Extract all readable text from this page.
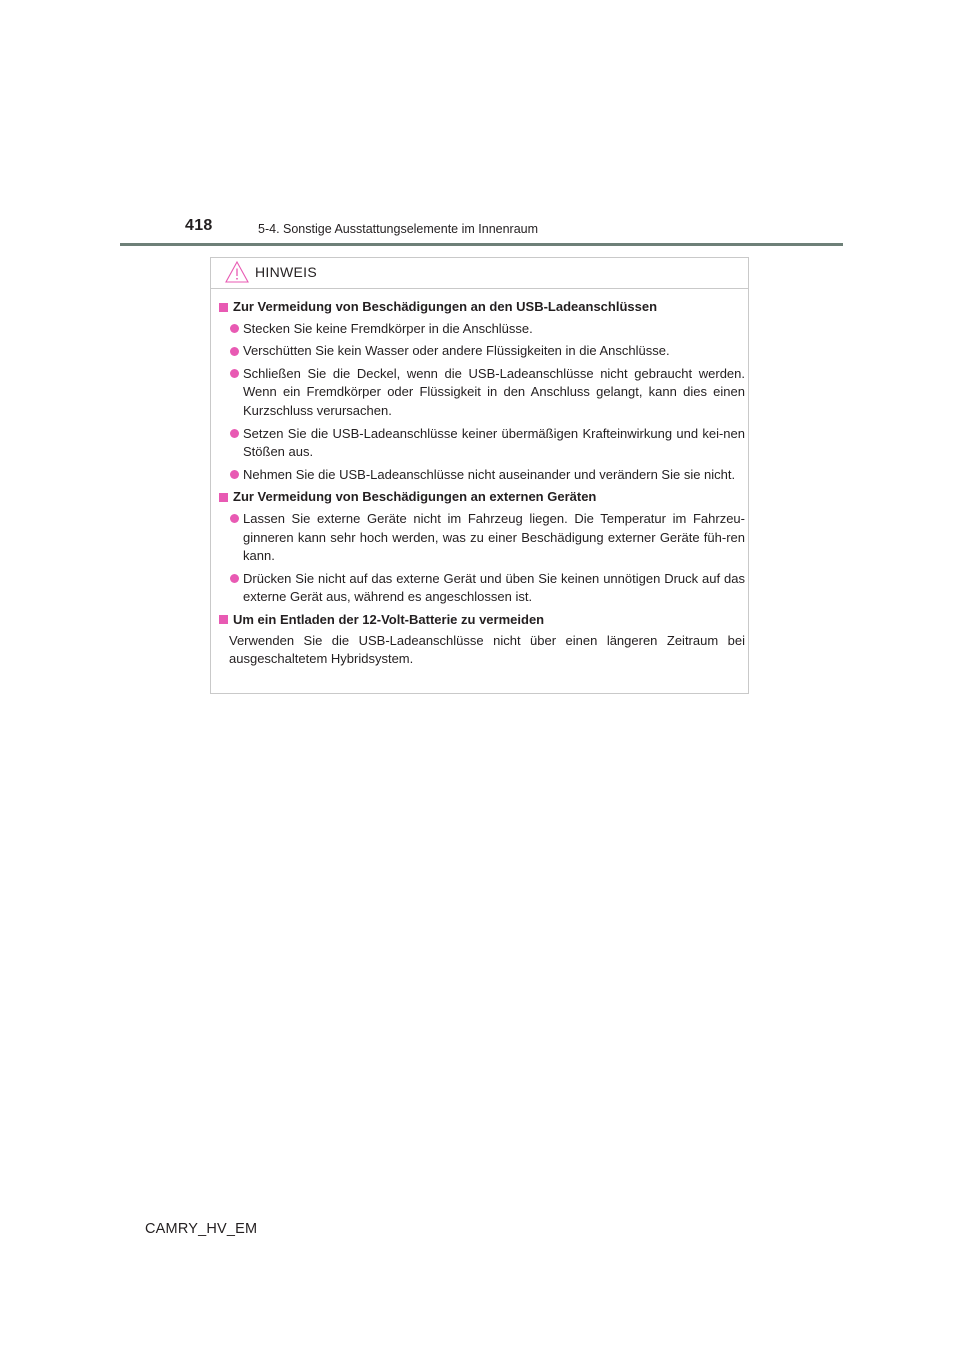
418	5-4. Sonstige Ausstattungselemente im Innenraum
HINWEIS
Zur Vermeidung von Beschädigungen an den USB-Ladeanschlüssen
Stecken Sie keine Fremdkörper in die Anschlüsse.
Verschütten Sie kein Wasser oder andere Flüssigkeiten in die Anschlüsse.
Schließen Sie die Deckel, wenn die USB-Ladeanschlüsse nicht gebraucht werden. Wenn ein Fremdkörper oder Flüssigkeit in den Anschluss gelangt, kann dies einen Kurzschluss verursachen.
Setzen Sie die USB-Ladeanschlüsse keiner übermäßigen Krafteinwirkung und kei-nen Stößen aus.
Nehmen Sie die USB-Ladeanschlüsse nicht auseinander und verändern Sie sie nicht.
Zur Vermeidung von Beschädigungen an externen Geräten
Lassen Sie externe Geräte nicht im Fahrzeug liegen. Die Temperatur im Fahrzeu-ginneren kann sehr hoch werden, was zu einer Beschädigung externer Geräte füh-ren kann.
Drücken Sie nicht auf das externe Gerät und üben Sie keinen unnötigen Druck auf das externe Gerät aus, während es angeschlossen ist.
Um ein Entladen der 12-Volt-Batterie zu vermeiden
Verwenden Sie die USB-Ladeanschlüsse nicht über einen längeren Zeitraum bei ausgeschaltetem Hybridsystem.
CAMRY_HV_EM
